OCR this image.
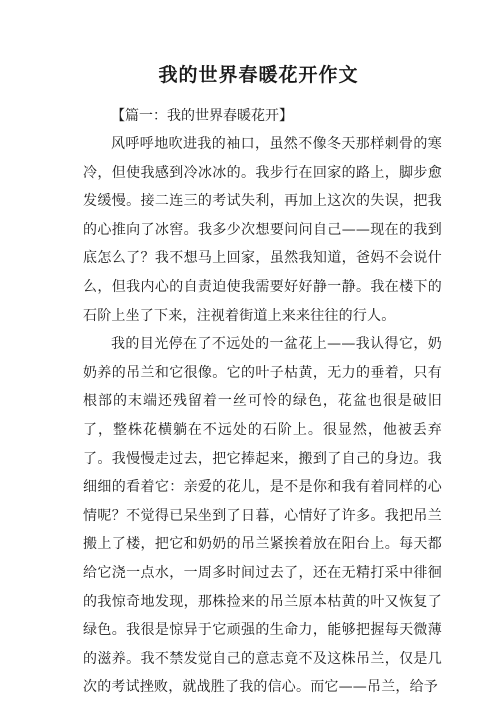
我的世界春暖花开作文

【篇一：我的世界春暖花开】

风呼呼地吹进我的袖口，虽然不像冬天那样刺骨的寒冷，但使我感到冷冰冰的。我步行在回家的路上，脚步愈发缓慢。接二连三的考试失利，再加上这次的失误，把我的心推向了冰窖。我多少次想要问问自己——现在的我到底怎么了？我不想马上回家，虽然我知道，爸妈不会说什么，但我内心的自责迫使我需要好好静一静。我在楼下的石阶上坐了下来，注视着街道上来来往往的行人。

我的目光停在了不远处的一盆花上——我认得它，奶奶养的吊兰和它很像。它的叶子枯黄，无力的垂着，只有根部的末端还残留着一丝可怜的绿色，花盆也很是破旧了，整株花横躺在不远处的石阶上。很显然，他被丢弃了。我慢慢走过去，把它捧起来，搬到了自己的身边。我细细的看着它：亲爱的花儿，是不是你和我有着同样的心情呢？不觉得已呆坐到了日暮，心情好了许多。我把吊兰搬上了楼，把它和奶奶的吊兰紧挨着放在阳台上。每天都给它浇一点水，一周多时间过去了，还在无精打采中徘徊的我惊奇地发现，那株捡来的吊兰原本枯黄的叶又恢复了绿色。我很是惊异于它顽强的生命力，能够把握每天微薄的滋养。我不禁发觉自己的意志竟不及这株吊兰，仅是几次的考试挫败，就战胜了我的信心。而它——吊兰，给予
